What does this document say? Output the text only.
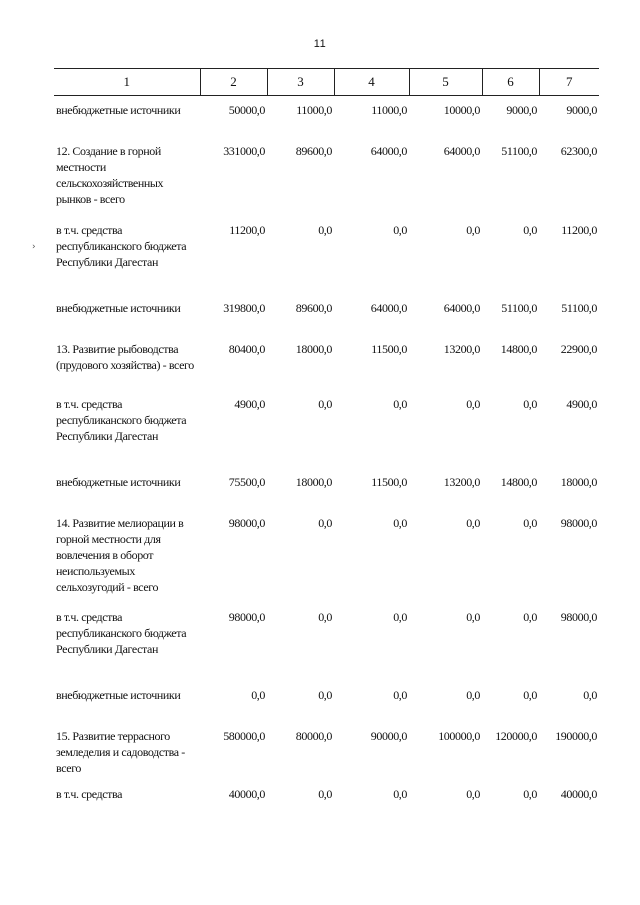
11
›
1	2	3	4	5	6	7
внебюджетные источники	50000,0	11000,0	11000,0	10000,0	9000,0	9000,0
12. Создание в горной местности сельскохозяйственных рынков - всего	331000,0	89600,0	64000,0	64000,0	51100,0	62300,0
в т.ч. средства республиканского бюджета Республики Дагестан	11200,0	0,0	0,0	0,0	0,0	11200,0
внебюджетные источники	319800,0	89600,0	64000,0	64000,0	51100,0	51100,0
13. Развитие рыбоводства (прудового хозяйства) - всего	80400,0	18000,0	11500,0	13200,0	14800,0	22900,0
в т.ч. средства республиканского бюджета Республики Дагестан	4900,0	0,0	0,0	0,0	0,0	4900,0
внебюджетные источники	75500,0	18000,0	11500,0	13200,0	14800,0	18000,0
14. Развитие мелиорации в горной местности для вовлечения в оборот неиспользуемых сельхозугодий - всего	98000,0	0,0	0,0	0,0	0,0	98000,0
в т.ч. средства республиканского бюджета Республики Дагестан	98000,0	0,0	0,0	0,0	0,0	98000,0
внебюджетные источники	0,0	0,0	0,0	0,0	0,0	0,0
15. Развитие террасного земледелия и садоводства - всего	580000,0	80000,0	90000,0	100000,0	120000,0	190000,0
в т.ч. средства	40000,0	0,0	0,0	0,0	0,0	40000,0
